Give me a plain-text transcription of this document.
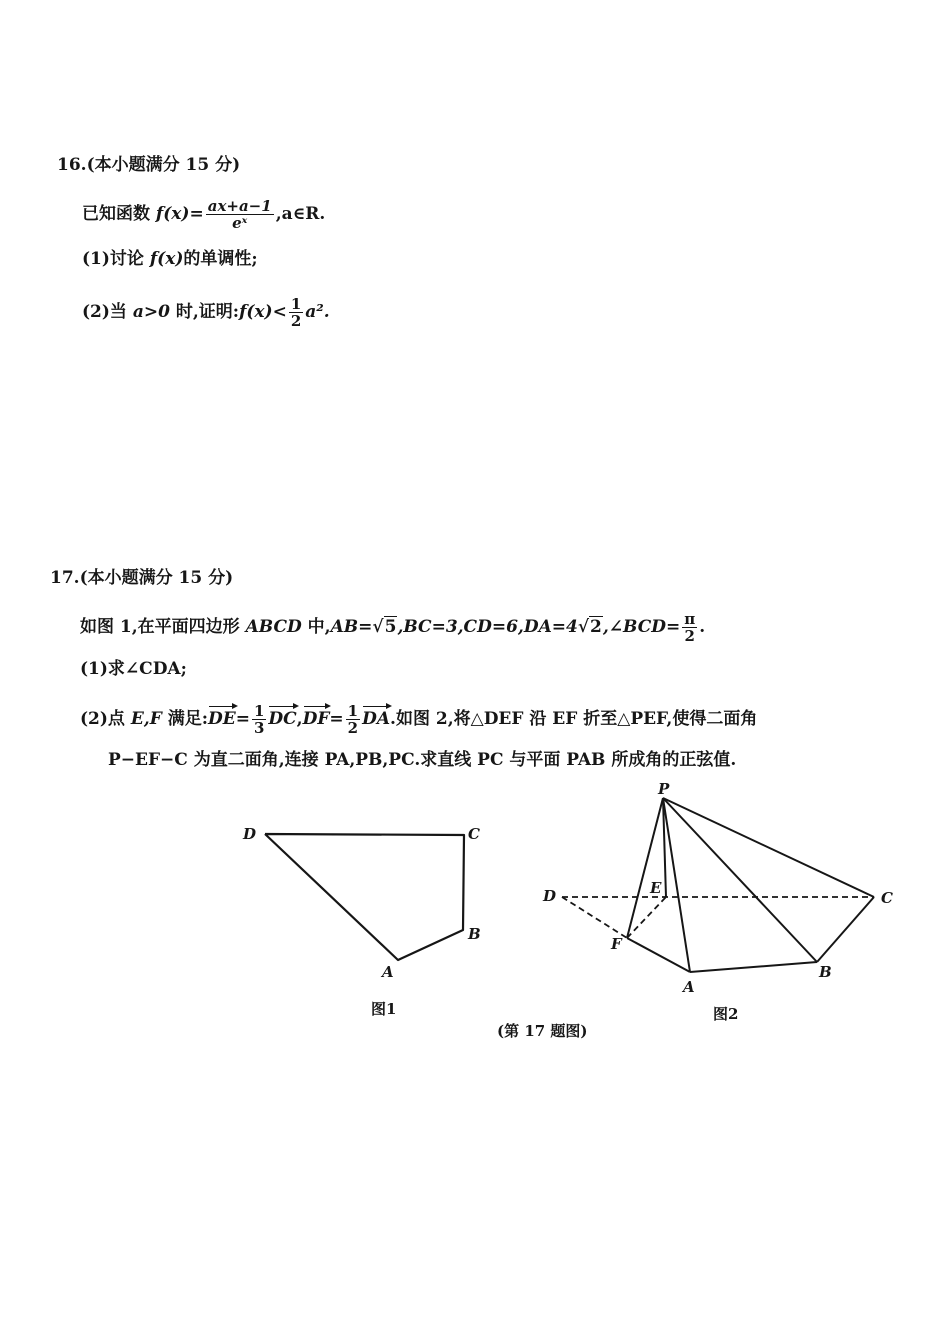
16.(本小题满分 15 分)
已知函数 $f(x)= \frac{ax+a-1}{\text{eˣ}}$ ,a∈R.
(1)讨论 f(x)的单调性;
(2)当 a>0 时,证明:f(x)< $\frac{1}{2} a^2$.
17.(本小题满分 15 分)
如图 1,在平面四边形 ABCD 中,AB=√5,BC=3,CD=6,DA=4√2,∠BCD= $\frac{\pi}{2}$ .
(1)求∠CDA;
(2)点 E,F 满足:DE= $\frac{1}{3} DC,DF= \frac{1}{2}$ DA.如图 2,将△DEF 沿 EF 折至△PEF,使得二面角
P−EF−C 为直二面角,连接 PA,PB,PC.求直线 PC 与平面 PAB 所成角的正弦值.
D	C
B
A
图1
P
E
D	C
F
A
B
图2
(第 17 题图)
